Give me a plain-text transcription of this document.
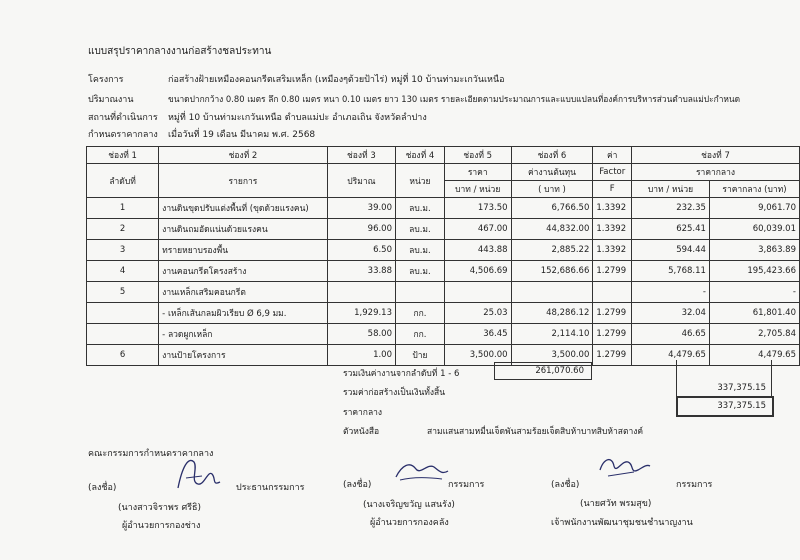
แบบสรุปราคากลางงานก่อสร้างชลประทาน
โครงการ	ก่อสร้างฝ้ายเหมืองคอนกรีตเสริมเหล็ก (เหมืองๆต้วยป้าไร่) หมู่ที่ 10 บ้านท่ามะเกวันเหนือ
ปริมาณงาน	ขนาดปากกว้าง 0.80 เมตร ลึก 0.80 เมตร หนา 0.10 เมตร ยาว 130 เมตร รายละเอียดตามประมาณการและแบบแปลนที่องค์การบริหารส่วนตำบลแม่ปะกำหนด
สถานที่ดำเนินการ หมู่ที่ 10 บ้านท่ามะเกวันเหนือ ตำบลแม่ปะ อำเภอเถิน จังหวัดลำปาง
กำหนดราคากลาง เมื่อวันที่ 19 เดือน มีนาคม พ.ศ. 2568
ช่องที่ 1	ช่องที่ 2	ช่องที่ 3	ช่องที่ 4	ช่องที่ 5	ช่องที่ 6	ค่า	ช่องที่ 7	
ลำดับที่	รายการ	ปริมาณ	หน่วย	ราคา	ค่างานต้นทุน	Factor	ราคากลาง	
				บาท / หน่วย	( บาท )	F	บาท / หน่วย	ราคากลาง (บาท)
1	งานดินขุดปรับแต่งพื้นที่ (ขุดด้วยแรงคน)	39.00	ลบ.ม.	173.50	6,766.50	1.3392	232.35	9,061.70
2	งานดินถมอัดแน่นด้วยแรงคน	96.00	ลบ.ม.	467.00	44,832.00	1.3392	625.41	60,039.01
3	ทรายหยาบรองพื้น	6.50	ลบ.ม.	443.88	2,885.22	1.3392	594.44	3,863.89
4	งานคอนกรีตโครงสร้าง	33.88	ลบ.ม.	4,506.69	152,686.66	1.2799	5,768.11	195,423.66
5	งานเหล็กเสริมคอนกรีต						-	-
	- เหล็กเส้นกลมผิวเรียบ Ø 6,9 มม.	1,929.13	กก.	25.03	48,286.12	1.2799	32.04	61,801.40
	- ลวดผูกเหล็ก	58.00	กก.	36.45	2,114.10	1.2799	46.65	2,705.84
6	งานป้ายโครงการ	1.00	ป้าย	3,500.00	3,500.00	1.2799	4,479.65	4,479.65
รวมเงินค่างานจากลำดับที่ 1 - 6	261,070.60
รวมค่าก่อสร้างเป็นเงินทั้งสิ้น	337,375.15
ราคากลาง
337,375.15
ตัวหนังสือ	สามแสนสามหมื่นเจ็ดพันสามร้อยเจ็ดสิบห้าบาทสิบห้าสตางค์
คณะกรรมการกำหนดราคากลาง
(ลงชื่อ)	ประธานกรรมการ
(นางสาวจิราพร ศรีธิ)
ผู้อำนวยการกองช่าง
(ลงชื่อ)	กรรมการ
(นางเจริญขวัญ แสนรัง)
ผู้อำนวยการกองคลัง
(ลงชื่อ)	กรรมการ
(นายศวัท พรมสุข)
เจ้าพนักงานพัฒนาชุมชนชำนาญงาน
